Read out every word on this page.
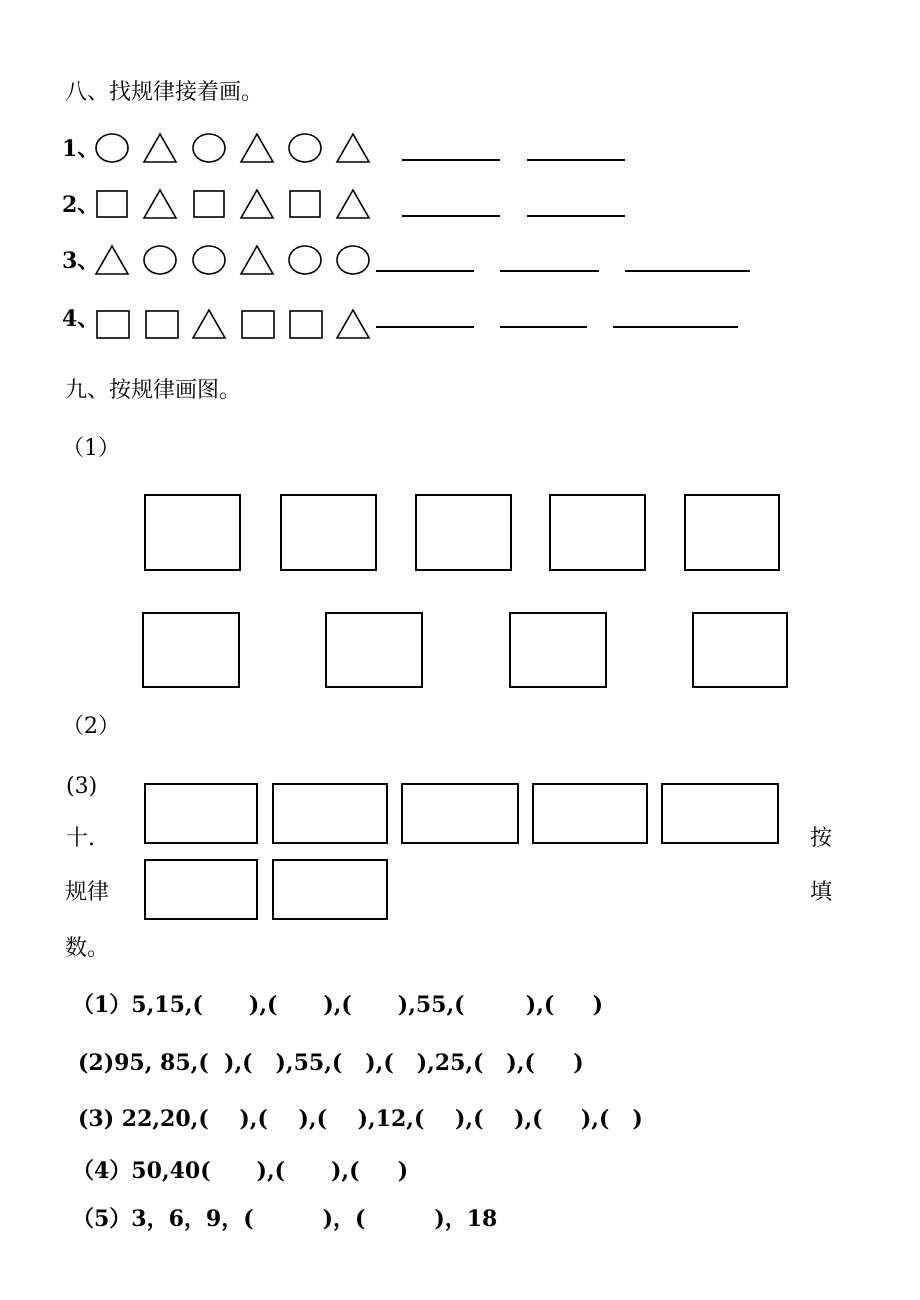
八、找规律接着画。
1、
2、
3、
4、
九、按规律画图。
（1）
（2）
(3)
十.	按
规律	填
数。
（1）5,15,(      ),(      ),(      ),55,(        ),(     )
(2)95, 85,(  ),(   ),55,(   ),(   ),25,(   ),(     )
(3) 22,20,(    ),(    ),(    ),12,(    ),(    ),(     ),(   )
（4）50,40(      ),(      ),(     )
（5）3，6，9，(         )，(         )，18
